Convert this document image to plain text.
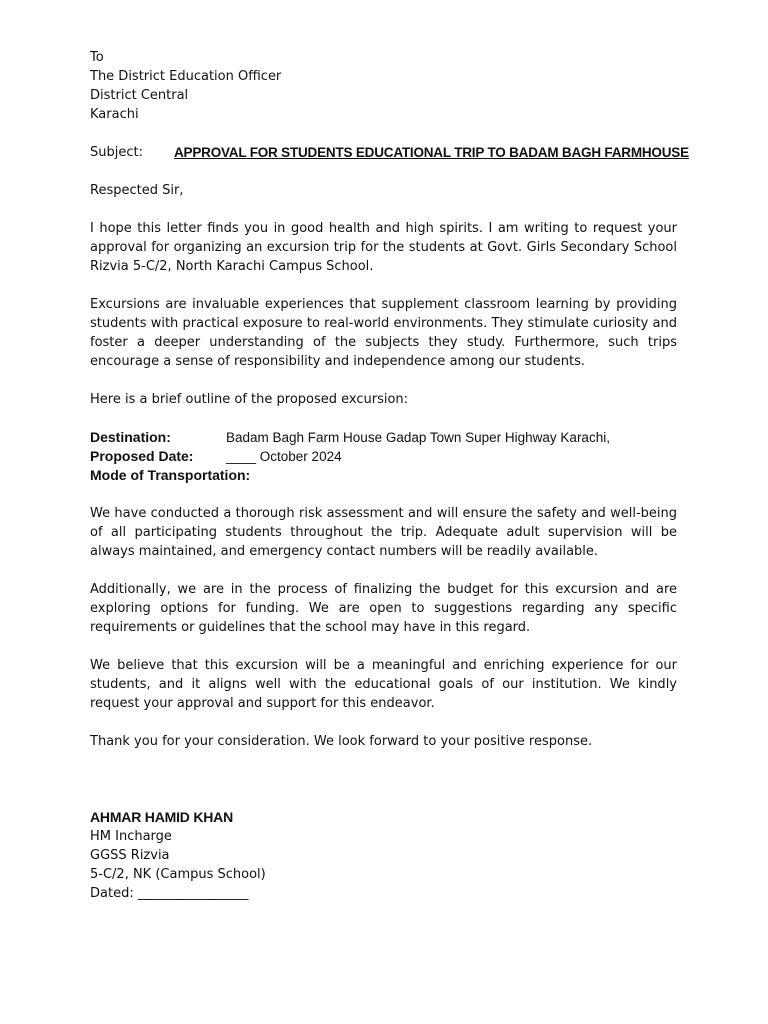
To
The District Education Officer
District Central
Karachi
Subject:	APPROVAL FOR STUDENTS EDUCATIONAL TRIP TO BADAM BAGH FARMHOUSE

Respected Sir,

I hope this letter finds you in good health and high spirits. I am writing to request your approval for organizing an excursion trip for the students at Govt. Girls Secondary School Rizvia 5-C/2, North Karachi Campus School.

Excursions are invaluable experiences that supplement classroom learning by providing students with practical exposure to real-world environments. They stimulate curiosity and foster a deeper understanding of the subjects they study. Furthermore, such trips encourage a sense of responsibility and independence among our students.

Here is a brief outline of the proposed excursion:

Destination:	Badam Bagh Farm House Gadap Town Super Highway Karachi,
Proposed Date:	____ October 2024
Mode of Transportation:

We have conducted a thorough risk assessment and will ensure the safety and well-being of all participating students throughout the trip. Adequate adult supervision will be always maintained, and emergency contact numbers will be readily available.

Additionally, we are in the process of finalizing the budget for this excursion and are exploring options for funding. We are open to suggestions regarding any specific requirements or guidelines that the school may have in this regard.

We believe that this excursion will be a meaningful and enriching experience for our students, and it aligns well with the educational goals of our institution. We kindly request your approval and support for this endeavor.

Thank you for your consideration. We look forward to your positive response.

AHMAR HAMID KHAN
HM Incharge
GGSS Rizvia
5-C/2, NK (Campus School)
Dated: _________________
